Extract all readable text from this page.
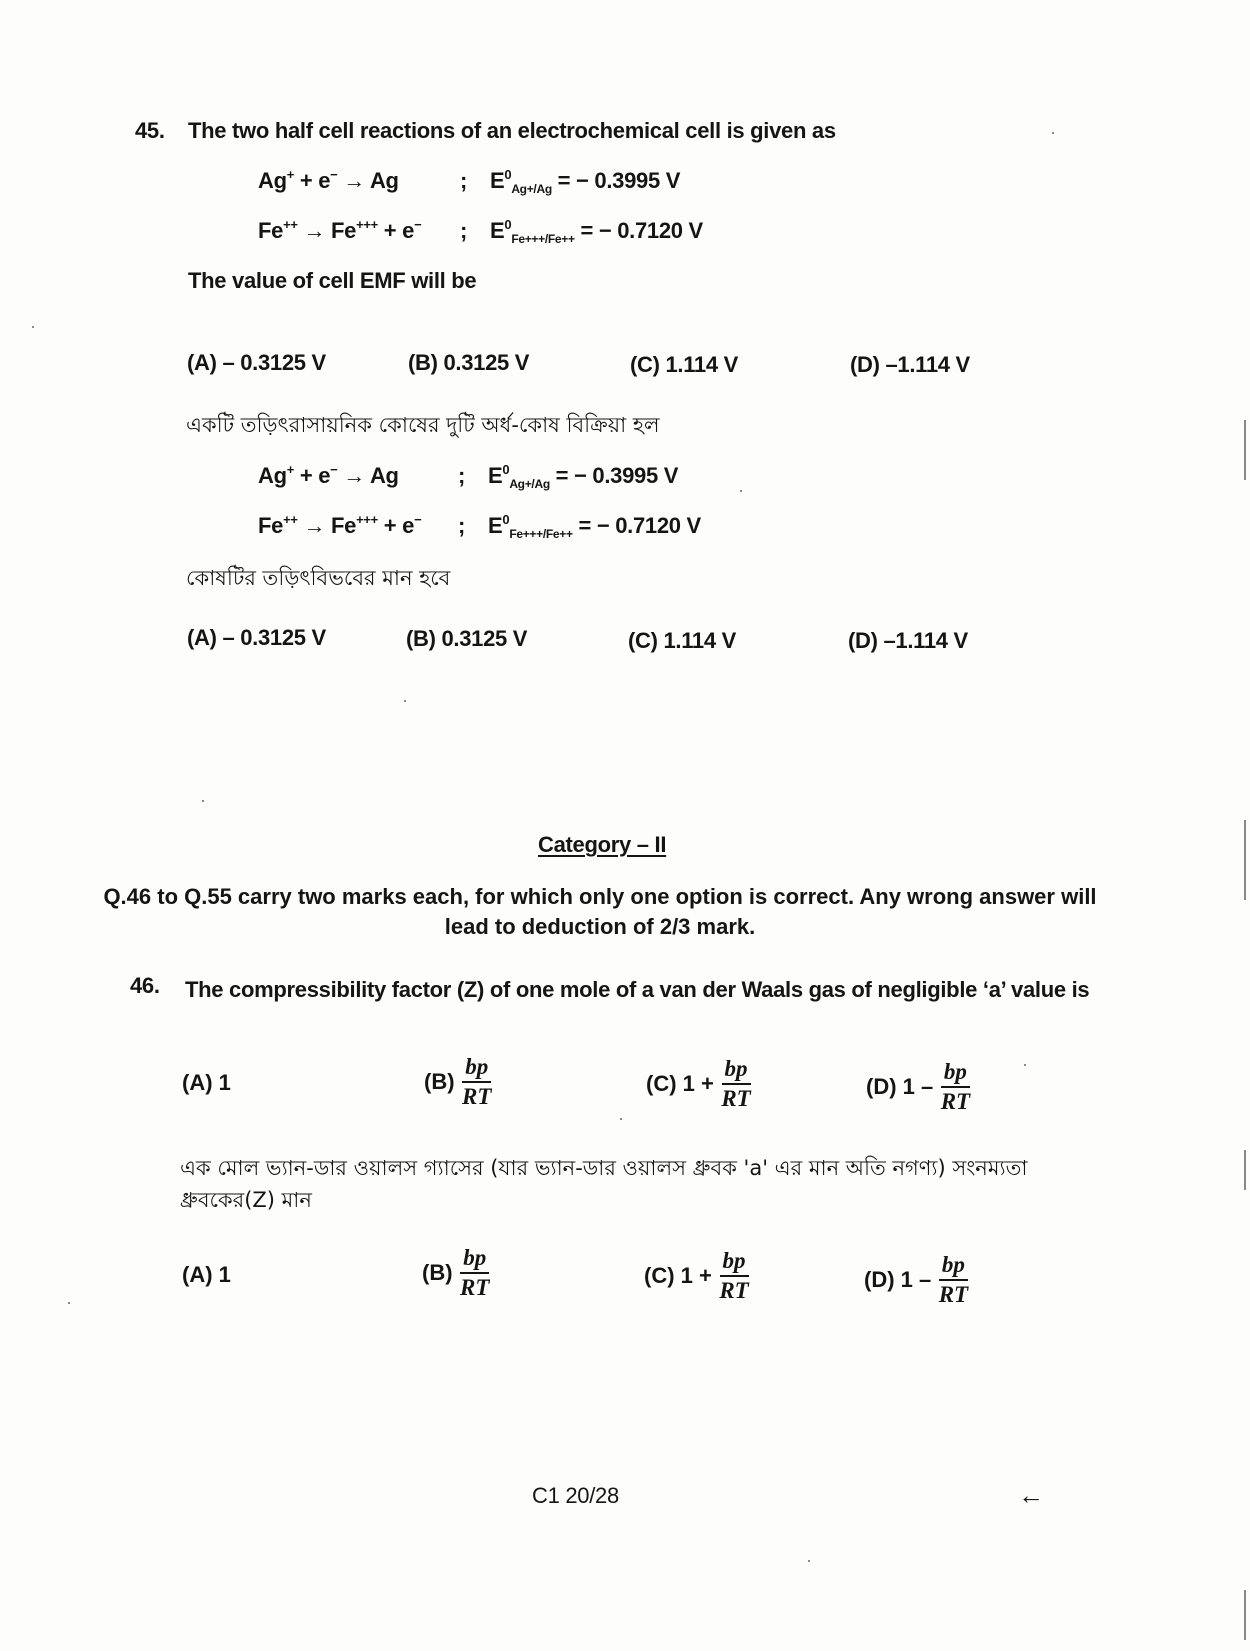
45. The two half cell reactions of an electrochemical cell is given as
Ag+ + e− → Ag	; $E^0_{Ag+/Ag}$ = − 0.3995 V
Fe++ → Fe+++ + e− ; $E^0_{Fe+++/Fe++}$ = − 0.7120 V
The value of cell EMF will be
(A) – 0.3125 V	(B) 0.3125 V	(C) 1.114 V	(D) –1.114 V
একটি তড়িৎরাসায়নিক কোষের দুটি অর্ধ-কোষ বিক্রিয়া হল
Ag+ + e− → Ag	; $E^0_{Ag+/Ag}$ = − 0.3995 V
Fe++ → Fe+++ + e− ; $E^0_{Fe+++/Fe++}$ = − 0.7120 V
কোষটির তড়িৎবিভবের মান হবে
(A) – 0.3125 V	(B) 0.3125 V	(C) 1.114 V	(D) –1.114 V
Category – II
Q.46 to Q.55 carry two marks each, for which only one option is correct. Any wrong answer will lead to deduction of 2/3 mark.
46. The compressibility factor (Z) of one mole of a van der Waals gas of negligible ‘a’ value is
(A) 1	$(B) \frac{bp}{RT}$	(C) $1 + \frac{bp}{RT}$	(D) $1 - \frac{bp}{RT}$
এক মোল ভ্যান-ডার ওয়ালস গ্যাসের (যার ভ্যান-ডার ওয়ালস ধ্রুবক 'a' এর মান অতি নগণ্য) সংনম্যতা
ধ্রুবকের(Z) মান
(A) 1	$(B) \frac{bp}{RT}$	(C) $1 + \frac{bp}{RT}$	(D) $1 - \frac{bp}{RT}$
C1 20/28	←
